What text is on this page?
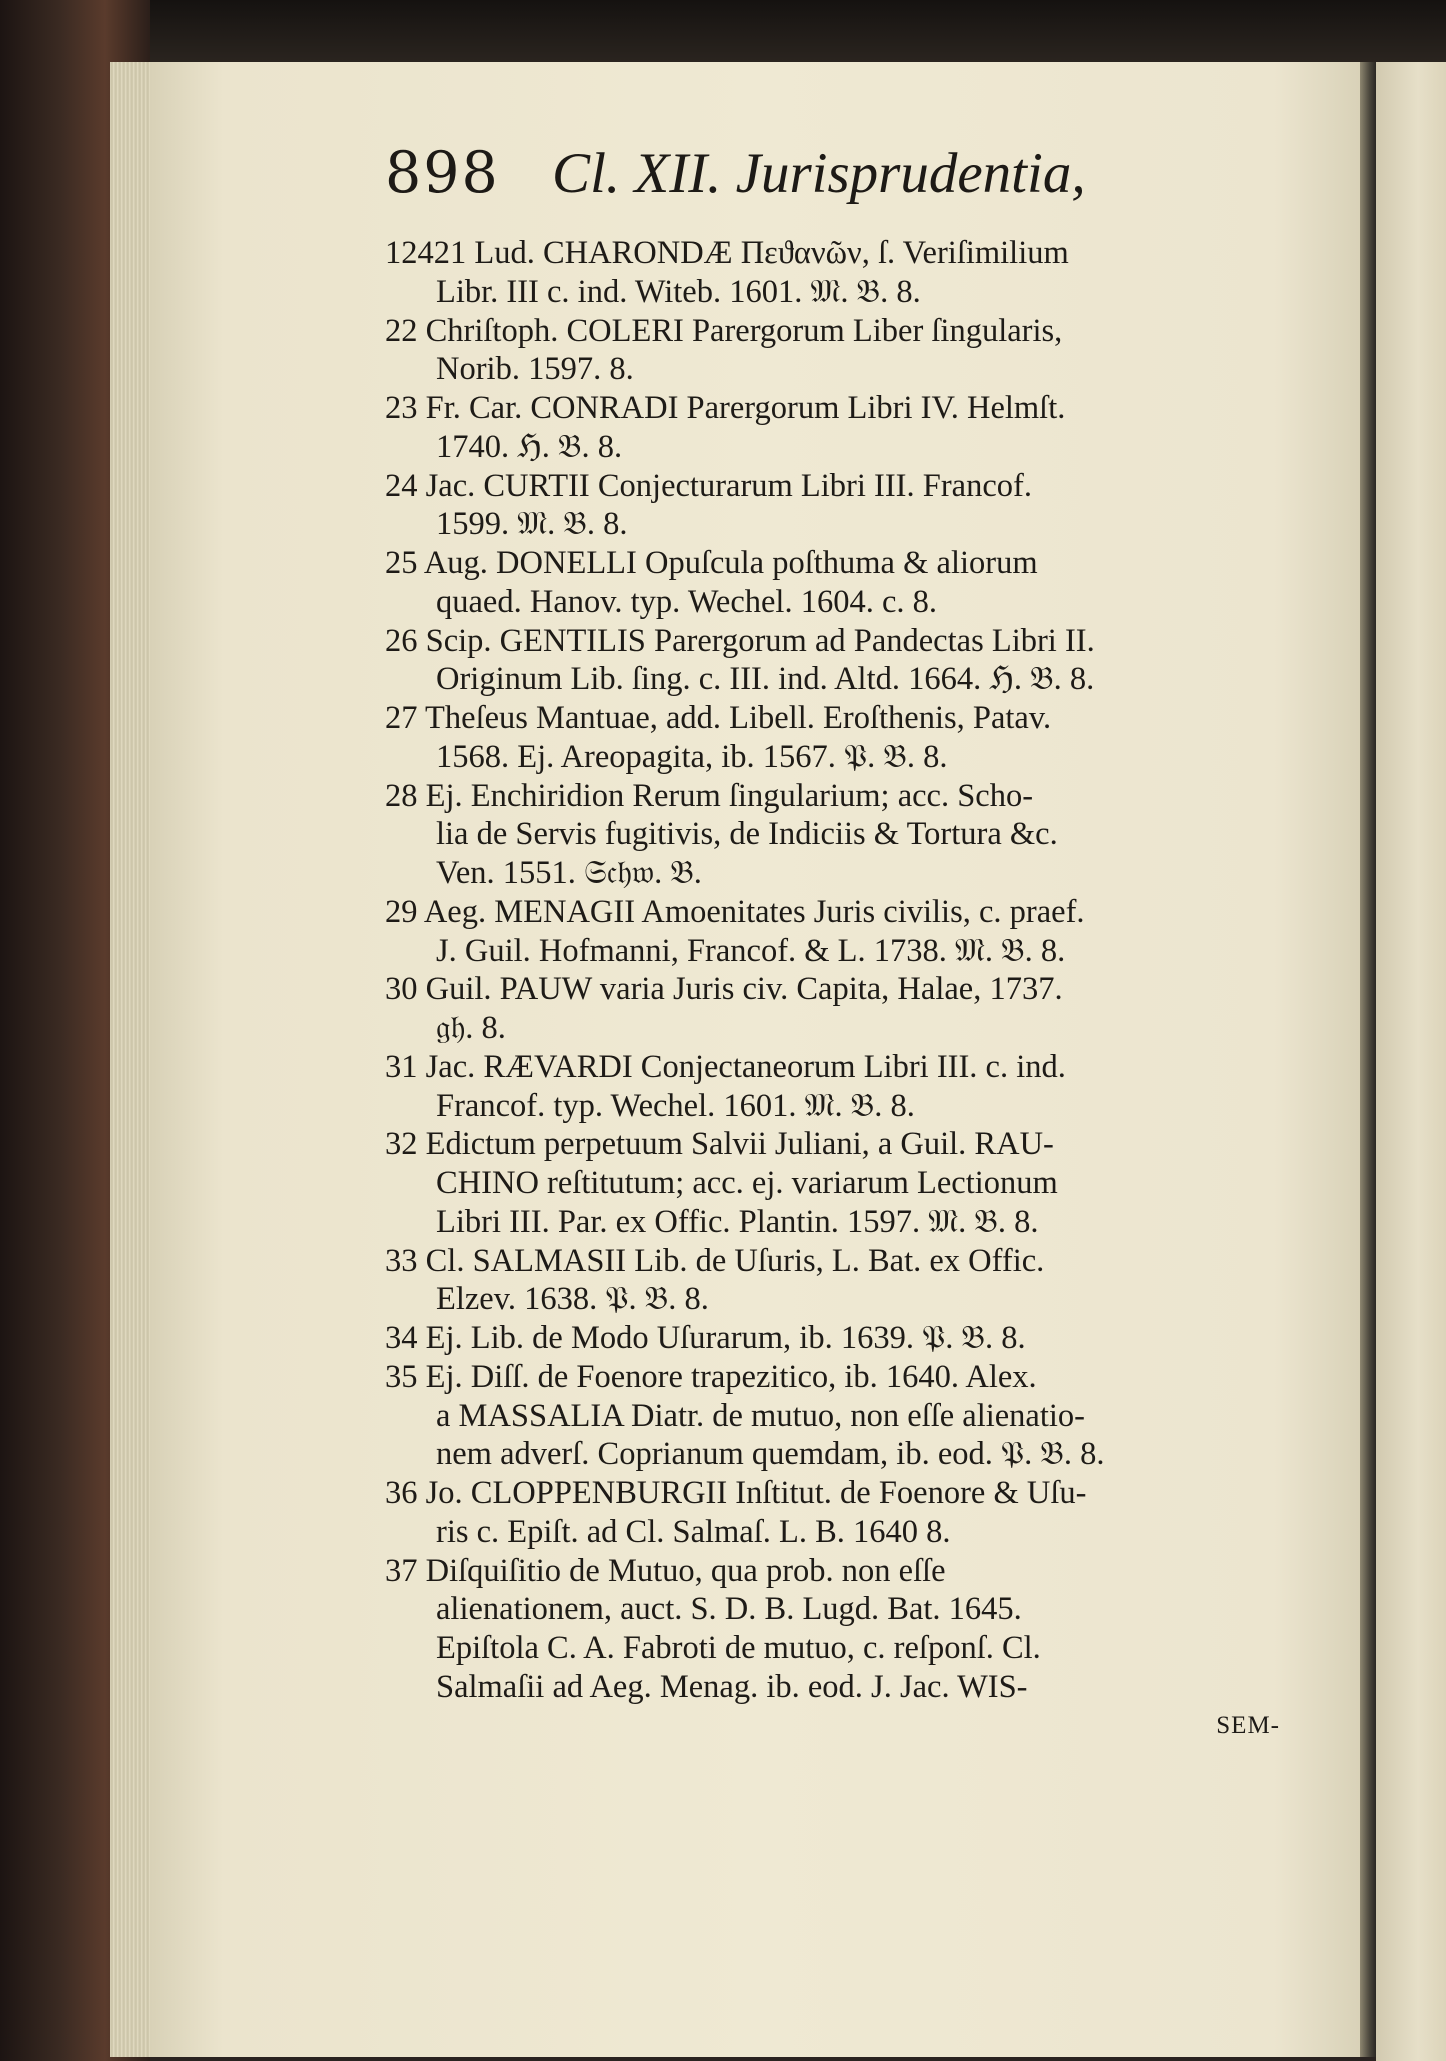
898 Cl. XII. Jurisprudentia,
12421 Lud. CHARONDÆ Πεϑανῶν, ſ. Veriſimilium
Libr. III c. ind. Witeb. 1601. 𝔐. 𝔅. 8.
22 Chriſtoph. COLERI Parergorum Liber ſingularis,
Norib. 1597. 8.
23 Fr. Car. CONRADI Parergorum Libri IV. Helmſt.
1740. ℌ. 𝔅. 8.
24 Jac. CURTII Conjecturarum Libri III. Francof.
1599. 𝔐. 𝔅. 8.
25 Aug. DONELLI Opuſcula poſthuma & aliorum
quaed. Hanov. typ. Wechel. 1604. c. 8.
26 Scip. GENTILIS Parergorum ad Pandectas Libri II.
Originum Lib. ſing. c. III. ind. Altd. 1664. ℌ. 𝔅. 8.
27 Theſeus Mantuae, add. Libell. Eroſthenis, Patav.
1568. Ej. Areopagita, ib. 1567. 𝔓. 𝔅. 8.
28 Ej. Enchiridion Rerum ſingularium; acc. Scho-
lia de Servis fugitivis, de Indiciis & Tortura &c.
Ven. 1551. 𝔖𝔠𝔥𝔴. 𝔅.
29 Aeg. MENAGII Amoenitates Juris civilis, c. praef.
J. Guil. Hofmanni, Francof. & L. 1738. 𝔐. 𝔅. 8.
30 Guil. PAUW varia Juris civ. Capita, Halae, 1737.
𝔤𝔥. 8.
31 Jac. RÆVARDI Conjectaneorum Libri III. c. ind.
Francof. typ. Wechel. 1601. 𝔐. 𝔅. 8.
32 Edictum perpetuum Salvii Juliani, a Guil. RAU-
CHINO reſtitutum; acc. ej. variarum Lectionum
Libri III. Par. ex Offic. Plantin. 1597. 𝔐. 𝔅. 8.
33 Cl. SALMASII Lib. de Uſuris, L. Bat. ex Offic.
Elzev. 1638. 𝔓. 𝔅. 8.
34 Ej. Lib. de Modo Uſurarum, ib. 1639. 𝔓. 𝔅. 8.
35 Ej. Diſſ. de Foenore trapezitico, ib. 1640. Alex.
a MASSALIA Diatr. de mutuo, non eſſe alienatio-
nem adverſ. Coprianum quemdam, ib. eod. 𝔓. 𝔅. 8.
36 Jo. CLOPPENBURGII Inſtitut. de Foenore & Uſu-
ris c. Epiſt. ad Cl. Salmaſ. L. B. 1640 8.
37 Diſquiſitio de Mutuo, qua prob. non eſſe
alienationem, auct. S. D. B. Lugd. Bat. 1645.
Epiſtola C. A. Fabroti de mutuo, c. reſponſ. Cl.
Salmaſii ad Aeg. Menag. ib. eod. J. Jac. WIS-
SEM-
